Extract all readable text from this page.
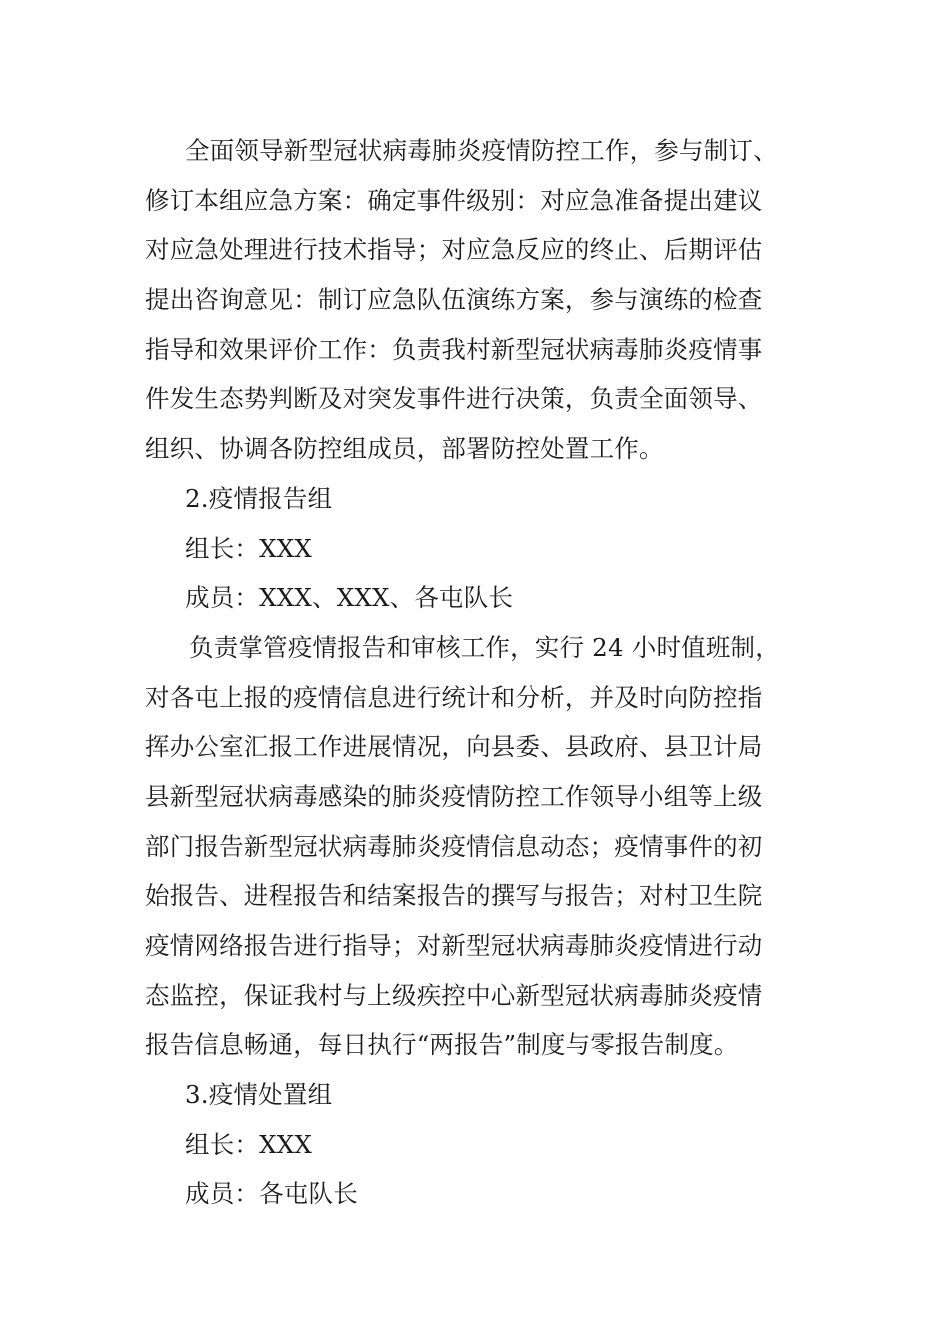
全面领导新型冠状病毒肺炎疫情防控工作，参与制订、
修订本组应急方案：确定事件级别：对应急准备提出建议
对应急处理进行技术指导；对应急反应的终止、后期评估
提出咨询意见：制订应急队伍演练方案，参与演练的检查
指导和效果评价工作：负责我村新型冠状病毒肺炎疫情事
件发生态势判断及对突发事件进行决策，负责全面领导、
组织、协调各防控组成员，部署防控处置工作。
2.疫情报告组
组长：XXX
成员：XXX、XXX、各屯队长
负责掌管疫情报告和审核工作，实行 24 小时值班制，
对各屯上报的疫情信息进行统计和分析，并及时向防控指
挥办公室汇报工作进展情况，向县委、县政府、县卫计局
县新型冠状病毒感染的肺炎疫情防控工作领导小组等上级
部门报告新型冠状病毒肺炎疫情信息动态；疫情事件的初
始报告、进程报告和结案报告的撰写与报告；对村卫生院
疫情网络报告进行指导；对新型冠状病毒肺炎疫情进行动
态监控，保证我村与上级疾控中心新型冠状病毒肺炎疫情
报告信息畅通，每日执行“两报告”制度与零报告制度。
3.疫情处置组
组长：XXX
成员：各屯队长
